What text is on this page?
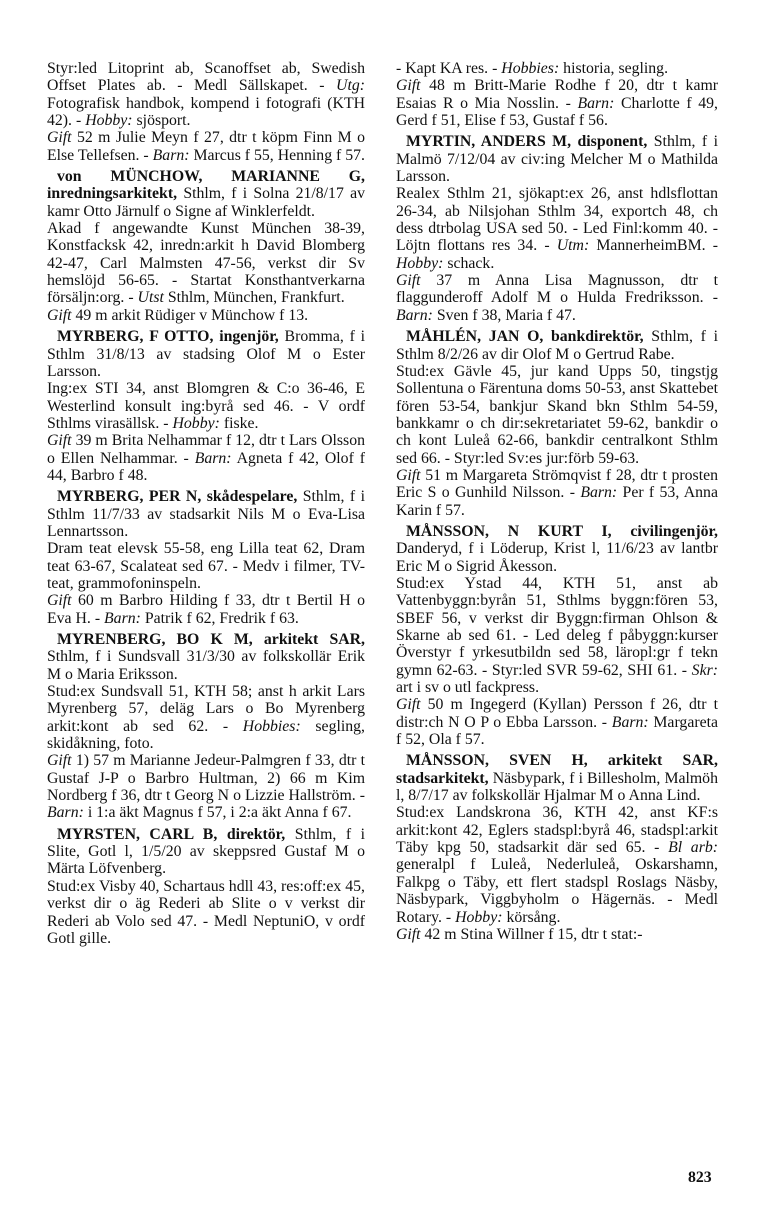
Styr:led Litoprint ab, Scanoffset ab, Swedish Offset Plates ab. - Medl Sällskapet. - Utg: Fotografisk handbok, kompend i fotografi (KTH 42). - Hobby: sjösport.

Gift 52 m Julie Meyn f 27, dtr t köpm Finn M o Else Tellefsen. - Barn: Marcus f 55, Henning f 57.

von MÜNCHOW, MARIANNE G, inredningsarkitekt, Sthlm, f i Solna 21/8/17 av kamr Otto Järnulf o Signe af Winklerfeldt.

Akad f angewandte Kunst München 38-39, Konstfacksk 42, inredn:arkit h David Blomberg 42-47, Carl Malmsten 47-56, verkst dir Sv hemslöjd 56-65. - Startat Konsthantverkarna försäljn:org. - Utst Sthlm, München, Frankfurt.

Gift 49 m arkit Rüdiger v Münchow f 13.

MYRBERG, F OTTO, ingenjör, Bromma, f i Sthlm 31/8/13 av stadsing Olof M o Ester Larsson.

Ing:ex STI 34, anst Blomgren & C:o 36-46, E Westerlind konsult ing:byrå sed 46. - V ordf Sthlms virasällsk. - Hobby: fiske.

Gift 39 m Brita Nelhammar f 12, dtr t Lars Olsson o Ellen Nelhammar. - Barn: Agneta f 42, Olof f 44, Barbro f 48.

MYRBERG, PER N, skådespelare, Sthlm, f i Sthlm 11/7/33 av stadsarkit Nils M o Eva-Lisa Lennartsson.

Dram teat elevsk 55-58, eng Lilla teat 62, Dram teat 63-67, Scalateat sed 67. - Medv i filmer, TV-teat, grammofoninspeln.

Gift 60 m Barbro Hilding f 33, dtr t Bertil H o Eva H. - Barn: Patrik f 62, Fredrik f 63.

MYRENBERG, BO K M, arkitekt SAR, Sthlm, f i Sundsvall 31/3/30 av folkskollär Erik M o Maria Eriksson.

Stud:ex Sundsvall 51, KTH 58; anst h arkit Lars Myrenberg 57, deläg Lars o Bo Myrenberg arkit:kont ab sed 62. - Hobbies: segling, skidåkning, foto.

Gift 1) 57 m Marianne Jedeur-Palmgren f 33, dtr t Gustaf J-P o Barbro Hultman, 2) 66 m Kim Nordberg f 36, dtr t Georg N o Lizzie Hallström. - Barn: i 1:a äkt Magnus f 57, i 2:a äkt Anna f 67.

MYRSTEN, CARL B, direktör, Sthlm, f i Slite, Gotl l, 1/5/20 av skeppsred Gustaf M o Märta Löfvenberg.

Stud:ex Visby 40, Schartaus hdll 43, res:off:ex 45, verkst dir o äg Rederi ab Slite o v verkst dir Rederi ab Volo sed 47. - Medl NeptuniO, v ordf Gotl gille.

- Kapt KA res. - Hobbies: historia, segling.

Gift 48 m Britt-Marie Rodhe f 20, dtr t kamr Esaias R o Mia Nosslin. - Barn: Charlotte f 49, Gerd f 51, Elise f 53, Gustaf f 56.

MYRTIN, ANDERS M, disponent, Sthlm, f i Malmö 7/12/04 av civ:ing Melcher M o Mathilda Larsson.

Realex Sthlm 21, sjökapt:ex 26, anst hdlsflottan 26-34, ab Nilsjohan Sthlm 34, exportch 48, ch dess dtrbolag USA sed 50. - Led Finl:komm 40. - Löjtn flottans res 34. - Utm: MannerheimBM. - Hobby: schack.

Gift 37 m Anna Lisa Magnusson, dtr t flaggunderoff Adolf M o Hulda Fredriksson. - Barn: Sven f 38, Maria f 47.

MÅHLÉN, JAN O, bankdirektör, Sthlm, f i Sthlm 8/2/26 av dir Olof M o Gertrud Rabe.

Stud:ex Gävle 45, jur kand Upps 50, tingstjg Sollentuna o Färentuna doms 50-53, anst Skattebet fören 53-54, bankjur Skand bkn Sthlm 54-59, bankkamr o ch dir:sekretariatet 59-62, bankdir o ch kont Luleå 62-66, bankdir centralkont Sthlm sed 66. - Styr:led Sv:es jur:förb 59-63.

Gift 51 m Margareta Strömqvist f 28, dtr t prosten Eric S o Gunhild Nilsson. - Barn: Per f 53, Anna Karin f 57.

MÅNSSON, N KURT I, civilingenjör, Danderyd, f i Löderup, Krist l, 11/6/23 av lantbr Eric M o Sigrid Åkesson.

Stud:ex Ystad 44, KTH 51, anst ab Vattenbyggn:byrån 51, Sthlms byggn:fören 53, SBEF 56, v verkst dir Byggn:firman Ohlson & Skarne ab sed 61. - Led deleg f påbyggn:kurser Överstyr f yrkesutbildn sed 58, läropl:gr f tekn gymn 62-63. - Styr:led SVR 59-62, SHI 61. - Skr: art i sv o utl fackpress.

Gift 50 m Ingegerd (Kyllan) Persson f 26, dtr t distr:ch N O P o Ebba Larsson. - Barn: Margareta f 52, Ola f 57.

MÅNSSON, SVEN H, arkitekt SAR, stadsarkitekt, Näsbypark, f i Billesholm, Malmöh l, 8/7/17 av folkskollär Hjalmar M o Anna Lind.

Stud:ex Landskrona 36, KTH 42, anst KF:s arkit:kont 42, Eglers stadspl:byrå 46, stadspl:arkit Täby kpg 50, stadsarkit där sed 65. - Bl arb: generalpl f Luleå, Nederluleå, Oskarshamn, Falkpg o Täby, ett flert stadspl Roslags Näsby, Näsbypark, Viggbyholm o Hägernäs. - Medl Rotary. - Hobby: körsång.

Gift 42 m Stina Willner f 15, dtr t stat:-

823
